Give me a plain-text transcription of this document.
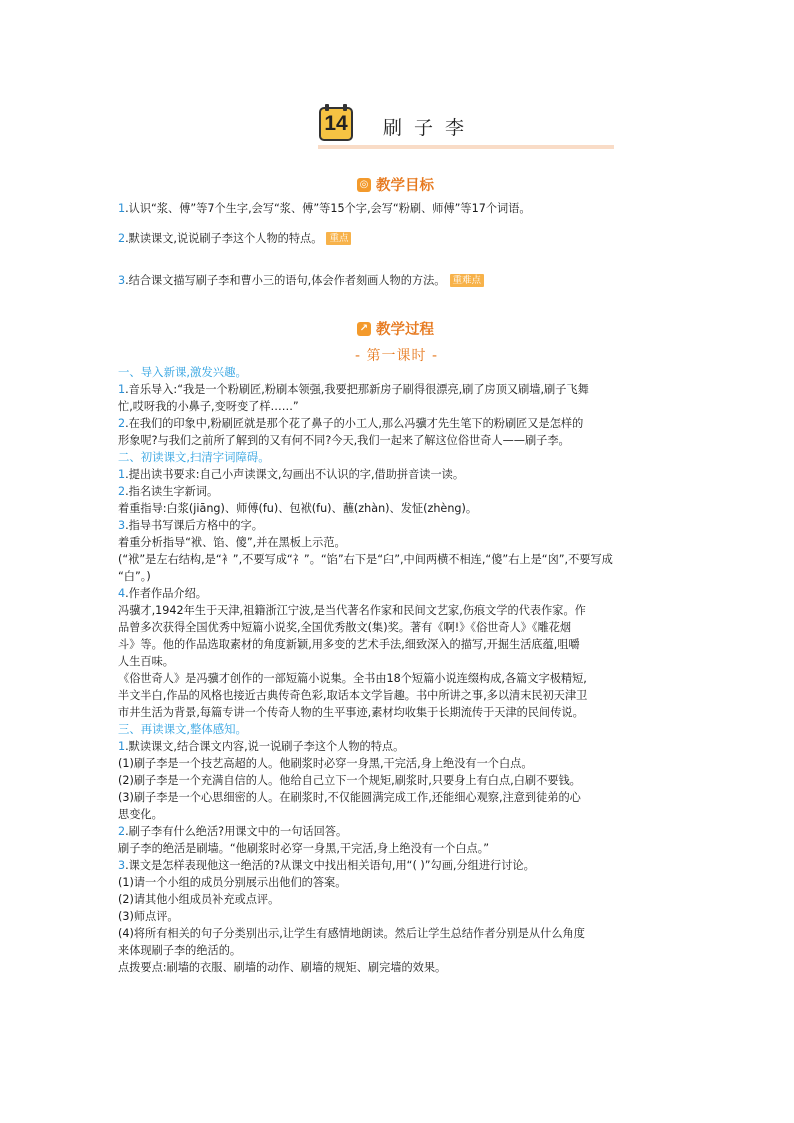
14 刷子李
◎ 教学目标
1.认识“浆、傅”等7个生字,会写“浆、傅”等15个字,会写“粉刷、师傅”等17个词语。
2.默读课文,说说刷子李这个人物的特点。 重点
3.结合课文描写刷子李和曹小三的语句,体会作者刻画人物的方法。 重难点
↗ 教学过程
- 第一课时 -
一、导入新课,激发兴趣。
1.音乐导入:“我是一个粉刷匠,粉刷本领强,我要把那新房子刷得很漂亮,刷了房顶又刷墙,刷子飞舞
忙,哎呀我的小鼻子,变呀变了样……”
2.在我们的印象中,粉刷匠就是那个花了鼻子的小工人,那么冯骥才先生笔下的粉刷匠又是怎样的
形象呢?与我们之前所了解到的又有何不同?今天,我们一起来了解这位俗世奇人——刷子李。
二、初读课文,扫清字词障碍。
1.提出读书要求:自己小声读课文,勾画出不认识的字,借助拼音读一读。
2.指名读生字新词。
着重指导:白浆(jiāng)、师傅(fu)、包袱(fu)、蘸(zhàn)、发怔(zhèng)。
3.指导书写课后方格中的字。
着重分析指导“袱、馅、傻”,并在黑板上示范。
(“袱”是左右结构,是“衤”,不要写成“礻”。“馅”右下是“臼”,中间两横不相连,“傻”右上是“囟”,不要写成
“白”。)
4.作者作品介绍。
冯骥才,1942年生于天津,祖籍浙江宁波,是当代著名作家和民间文艺家,伤痕文学的代表作家。作
品曾多次获得全国优秀中短篇小说奖,全国优秀散文(集)奖。著有《啊!》《俗世奇人》《雕花烟
斗》等。他的作品选取素材的角度新颖,用多变的艺术手法,细致深入的描写,开掘生活底蕴,咀嚼
人生百味。
《俗世奇人》是冯骥才创作的一部短篇小说集。全书由18个短篇小说连缀构成,各篇文字极精短,
半文半白,作品的风格也接近古典传奇色彩,取话本文学旨趣。书中所讲之事,多以清末民初天津卫
市井生活为背景,每篇专讲一个传奇人物的生平事迹,素材均收集于长期流传于天津的民间传说。
三、再读课文,整体感知。
1.默读课文,结合课文内容,说一说刷子李这个人物的特点。
(1)刷子李是一个技艺高超的人。他刷浆时必穿一身黑,干完活,身上绝没有一个白点。
(2)刷子李是一个充满自信的人。他给自己立下一个规矩,刷浆时,只要身上有白点,白刷不要钱。
(3)刷子李是一个心思细密的人。在刷浆时,不仅能圆满完成工作,还能细心观察,注意到徒弟的心
思变化。
2.刷子李有什么绝活?用课文中的一句话回答。
刷子李的绝活是刷墙。“他刷浆时必穿一身黑,干完活,身上绝没有一个白点。”
3.课文是怎样表现他这一绝活的?从课文中找出相关语句,用“( )”勾画,分组进行讨论。
(1)请一个小组的成员分别展示出他们的答案。
(2)请其他小组成员补充或点评。
(3)师点评。
(4)将所有相关的句子分类别出示,让学生有感情地朗读。然后让学生总结作者分别是从什么角度
来体现刷子李的绝活的。
点拨要点:刷墙的衣服、刷墙的动作、刷墙的规矩、刷完墙的效果。
